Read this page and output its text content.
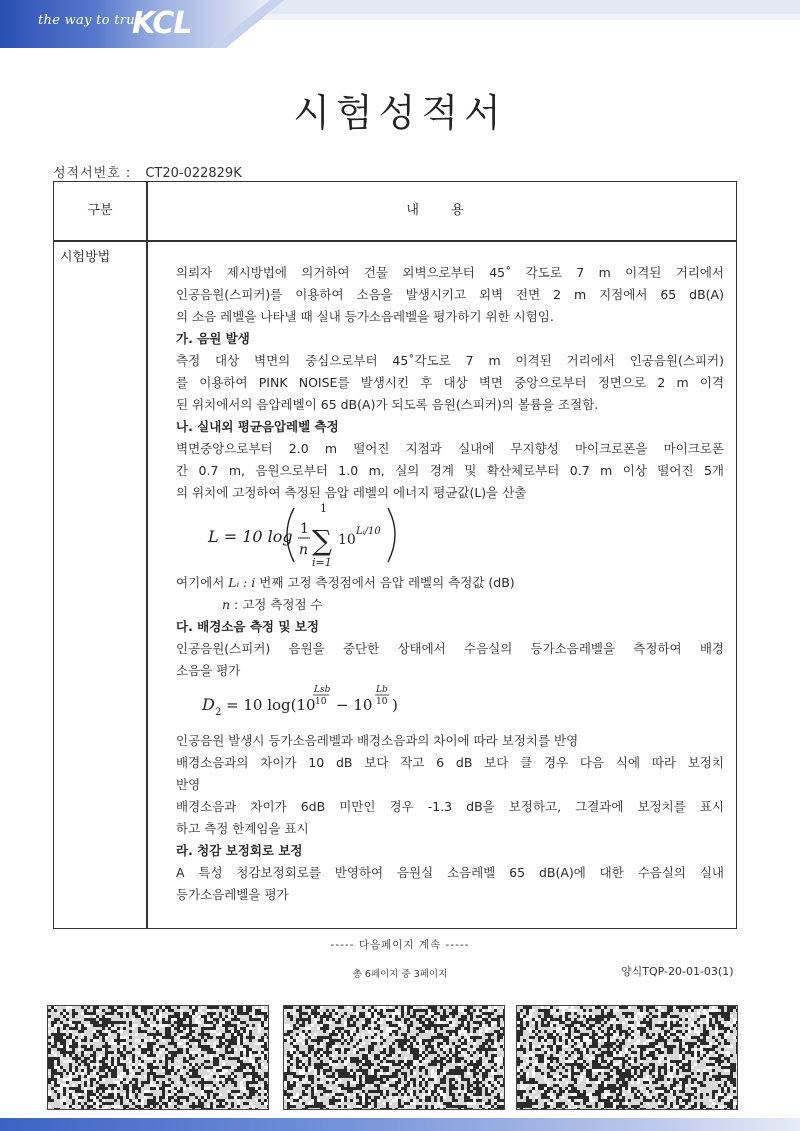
the way to trust
KCL
시험성적서
성적서번호 : CT20-022829K
구분	내 용
시험방법

의뢰자 제시방법에 의거하여 건물 외벽으로부터 45˚ 각도로 7 m 이격된 거리에서

인공음원(스피커)를 이용하여 소음을 발생시키고 외벽 전면 2 m 지점에서 65 dB(A)

의 소음 레벨을 나타낼 때 실내 등가소음레벨을 평가하기 위한 시험임.

가. 음원 발생

측정 대상 벽면의 중심으로부터 45˚각도로 7 m 이격된 거리에서 인공음원(스피커)

를 이용하여 PINK NOISE를 발생시킨 후 대상 벽면 중앙으로부터 정면으로 2 m 이격

된 위치에서의 음압레벨이 65 dB(A)가 되도록 음원(스피커)의 볼륨을 조절함.

나. 실내외 평균음압레벨 측정

벽면중앙으로부터 2.0 m 떨어진 지점과 실내에 무지향성 마이크로폰을 마이크로폰

간 0.7 m, 음원으로부터 1.0 m, 실의 경계 및 확산체로부터 0.7 m 이상 떨어진 5개

의 위치에 고정하여 측정된 음압 레벨의 에너지 평균값(L)을 산출

L = 10 log 1
n
1
∑
i=1
10
Lᵢ/10

여기에서 Lᵢ : i 번째 고정 측정점에서 음압 레벨의 측정값 (dB)

n : 고정 측정점 수

다. 배경소음 측정 및 보정

인공음원(스피커) 음원을 중단한 상태에서 수음실의 등가소음레벨을 측정하여 배경

소음을 평가

D 2 = 10 log(10
Lsb
10 − 10
Lb
10 )

인공음원 발생시 등가소음레벨과 배경소음과의 차이에 따라 보정치를 반영

배경소음과의 차이가 10 dB 보다 작고 6 dB 보다 클 경우 다음 식에 따라 보정치

반영

배경소음과 차이가 6dB 미만인 경우 -1.3 dB을 보정하고, 그결과에 보정치를 표시

하고 측정 한계임을 표시

라. 청감 보정회로 보정

A 특성 청감보정회로를 반영하여 음원실 소음레벨 65 dB(A)에 대한 수음실의 실내

등가소음레벨을 평가

----- 다음페이지 계속 -----
총 6페이지 중 3페이지	양식TQP-20-01-03(1)
